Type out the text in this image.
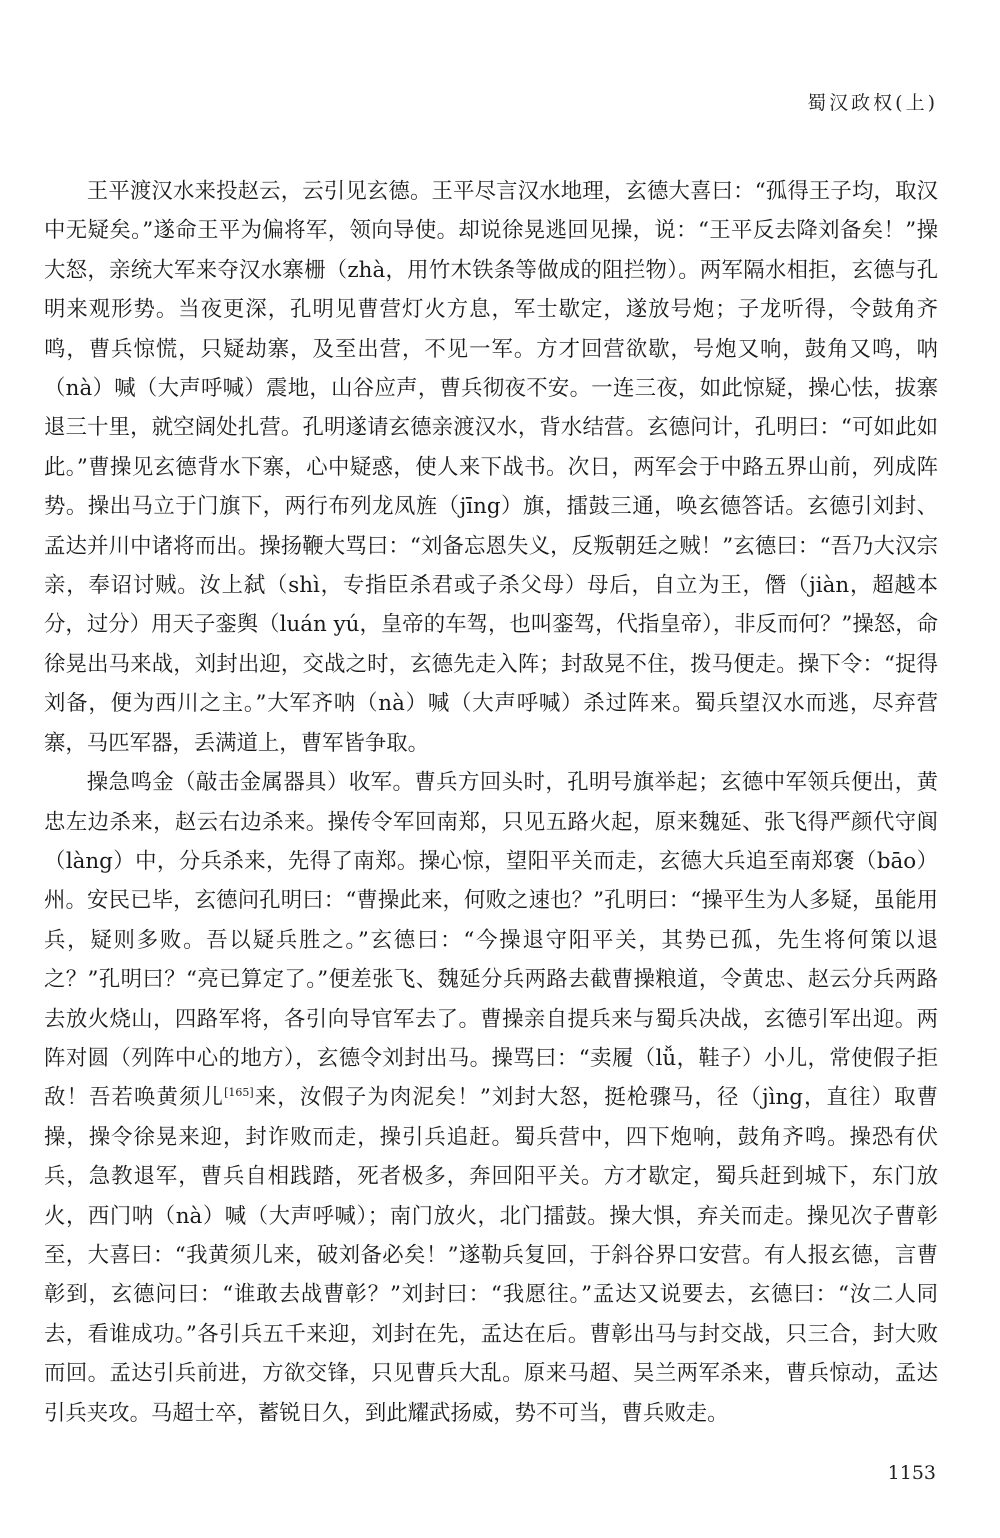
蜀汉政权(上)

王平渡汉水来投赵云，云引见玄德。王平尽言汉水地理，玄德大喜曰：“孤得王子均，取汉中无疑矣。”遂命王平为偏将军，领向导使。却说徐晃逃回见操，说：“王平反去降刘备矣！”操大怒，亲统大军来夺汉水寨栅（zhà，用竹木铁条等做成的阻拦物）。两军隔水相拒，玄德与孔明来观形势。当夜更深，孔明见曹营灯火方息，军士歇定，遂放号炮；子龙听得，令鼓角齐鸣，曹兵惊慌，只疑劫寨，及至出营，不见一军。方才回营欲歇，号炮又响，鼓角又鸣，呐（nà）喊（大声呼喊）震地，山谷应声，曹兵彻夜不安。一连三夜，如此惊疑，操心怯，拔寨退三十里，就空阔处扎营。孔明遂请玄德亲渡汉水，背水结营。玄德问计，孔明曰：“可如此如此。”曹操见玄德背水下寨，心中疑惑，使人来下战书。次日，两军会于中路五界山前，列成阵势。操出马立于门旗下，两行布列龙凤旌（jīng）旗，擂鼓三通，唤玄德答话。玄德引刘封、孟达并川中诸将而出。操扬鞭大骂曰：“刘备忘恩失义，反叛朝廷之贼！”玄德曰：“吾乃大汉宗亲，奉诏讨贼。汝上弑（shì，专指臣杀君或子杀父母）母后，自立为王，僭（jiàn，超越本分，过分）用天子銮舆（luán yú，皇帝的车驾，也叫銮驾，代指皇帝），非反而何？”操怒，命徐晃出马来战，刘封出迎，交战之时，玄德先走入阵；封敌晃不住，拨马便走。操下令：“捉得刘备，便为西川之主。”大军齐呐（nà）喊（大声呼喊）杀过阵来。蜀兵望汉水而逃，尽弃营寨，马匹军器，丢满道上，曹军皆争取。

操急鸣金（敲击金属器具）收军。曹兵方回头时，孔明号旗举起；玄德中军领兵便出，黄忠左边杀来，赵云右边杀来。操传令军回南郑，只见五路火起，原来魏延、张飞得严颜代守阆（làng）中，分兵杀来，先得了南郑。操心惊，望阳平关而走，玄德大兵追至南郑褒（bāo）州。安民已毕，玄德问孔明曰：“曹操此来，何败之速也？”孔明曰：“操平生为人多疑，虽能用兵，疑则多败。吾以疑兵胜之。”玄德曰：“今操退守阳平关，其势已孤，先生将何策以退之？”孔明曰？“亮已算定了。”便差张飞、魏延分兵两路去截曹操粮道，令黄忠、赵云分兵两路去放火烧山，四路军将，各引向导官军去了。曹操亲自提兵来与蜀兵决战，玄德引军出迎。两阵对圆（列阵中心的地方），玄德令刘封出马。操骂曰：“卖履（lǚ，鞋子）小儿，常使假子拒敌！吾若唤黄须儿[165]来，汝假子为肉泥矣！”刘封大怒，挺枪骤马，径（jìng，直往）取曹操，操令徐晃来迎，封诈败而走，操引兵追赶。蜀兵营中，四下炮响，鼓角齐鸣。操恐有伏兵，急教退军，曹兵自相践踏，死者极多，奔回阳平关。方才歇定，蜀兵赶到城下，东门放火，西门呐（nà）喊（大声呼喊）；南门放火，北门擂鼓。操大惧，弃关而走。操见次子曹彰至，大喜曰：“我黄须儿来，破刘备必矣！”遂勒兵复回，于斜谷界口安营。有人报玄德，言曹彰到，玄德问曰：“谁敢去战曹彰？”刘封曰：“我愿往。”孟达又说要去，玄德曰：“汝二人同去，看谁成功。”各引兵五千来迎，刘封在先，孟达在后。曹彰出马与封交战，只三合，封大败而回。孟达引兵前进，方欲交锋，只见曹兵大乱。原来马超、吴兰两军杀来，曹兵惊动，孟达引兵夹攻。马超士卒，蓄锐日久，到此耀武扬威，势不可当，曹兵败走。

1153
